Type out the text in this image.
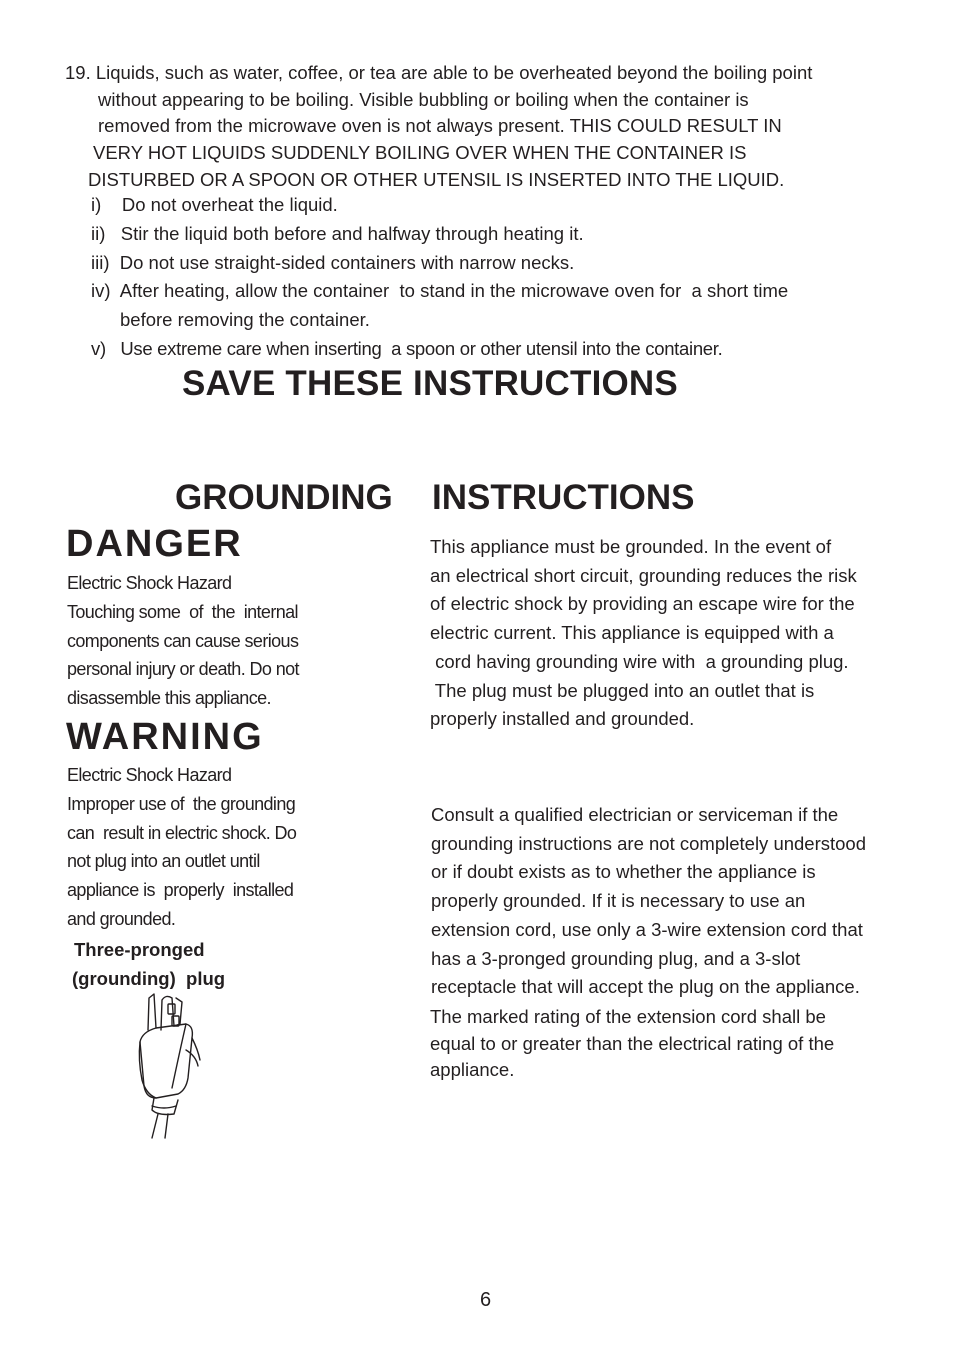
19. Liquids, such as water, coffee, or tea are able to be overheated beyond the boiling point
without appearing to be boiling. Visible bubbling or boiling when the container is
removed from the microwave oven is not always present. THIS COULD RESULT IN
VERY HOT LIQUIDS SUDDENLY BOILING OVER WHEN THE CONTAINER IS
DISTURBED OR A SPOON OR OTHER UTENSIL IS INSERTED INTO THE LIQUID.
i)    Do not overheat the liquid.
ii)   Stir the liquid both before and halfway through heating it.
iii)  Do not use straight-sided containers with narrow necks.
iv)  After heating, allow the container  to stand in the microwave oven for  a short time
before removing the container.
v)   Use extreme care when inserting  a spoon or other utensil into the container.
SAVE THESE INSTRUCTIONS
GROUNDING INSTRUCTIONS
DANGER
Electric Shock Hazard
Touching some  of  the  internal
components can cause serious
personal injury or death. Do not
disassemble this appliance.
WARNING
Electric Shock Hazard
Improper use of  the grounding
can  result in electric shock. Do
not plug into an outlet until
appliance is  properly  installed
and grounded.
Three-pronged
(grounding)  plug
This appliance must be grounded. In the event of
an electrical short circuit, grounding reduces the risk
of electric shock by providing an escape wire for the
electric current. This appliance is equipped with a
cord having grounding wire with  a grounding plug.
The plug must be plugged into an outlet that is
properly installed and grounded.
Consult a qualified electrician or serviceman if the
grounding instructions are not completely understood
or if doubt exists as to whether the appliance is
properly grounded. If it is necessary to use an
extension cord, use only a 3-wire extension cord that
has a 3-pronged grounding plug, and a 3-slot
receptacle that will accept the plug on the appliance.
The marked rating of the extension cord shall be
equal to or greater than the electrical rating of the
appliance.
6
